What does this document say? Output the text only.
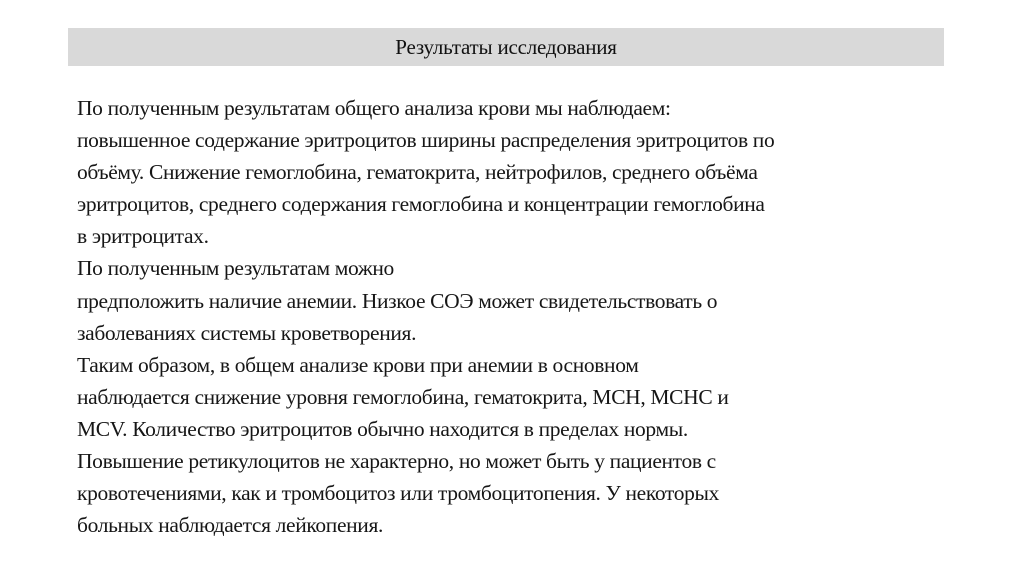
Результаты исследования
По полученным результатам общего анализа крови мы наблюдаем:
повышенное содержание эритроцитов ширины распределения эритроцитов по
объёму. Снижение гемоглобина, гематокрита, нейтрофилов, среднего объёма
эритроцитов, среднего содержания гемоглобина и концентрации гемоглобина
в эритроцитах.
По полученным результатам можно
предположить наличие анемии. Низкое СОЭ может свидетельствовать о
заболеваниях системы кроветворения.
Таким образом, в общем анализе крови при анемии в основном
наблюдается снижение уровня гемоглобина, гематокрита, МСН, МСНС и
MCV. Количество эритроцитов обычно находится в пределах нормы.
Повышение ретикулоцитов не характерно, но может быть у пациентов с
кровотечениями, как и тромбоцитоз или тромбоцитопения. У некоторых
больных наблюдается лейкопения.
